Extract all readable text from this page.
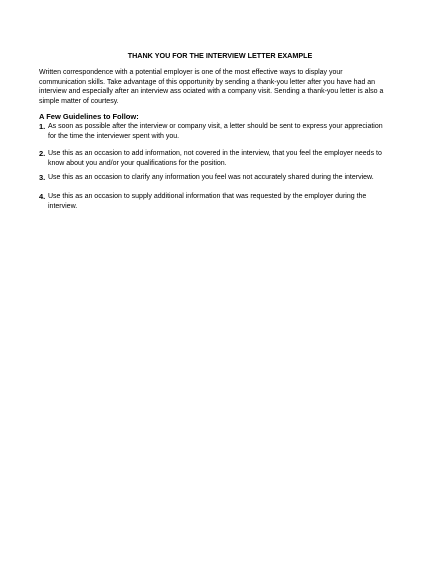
THANK YOU FOR THE INTERVIEW LETTER EXAMPLE
Written correspondence with a potential employer is one of the most effective ways to display your
communication skills. Take advantage of this opportunity by sending a thank-you letter after you have had an
interview and especially after an interview ass ociated with a company visit. Sending a thank-you letter is also a
simple matter of courtesy.
A Few Guidelines to Follow:
1. As soon as possible after the interview or company visit, a letter should be sent to express your appreciation
for the time the interviewer spent with you.
2. Use this as an occasion to add information, not covered in the interview, that you feel the employer needs to
know about you and/or your qualifications for the position.
3. Use this as an occasion to clarify any information you feel was not accurately shared during the interview.
4. Use this as an occasion to supply additional information that was requested by the employer during the
interview.
